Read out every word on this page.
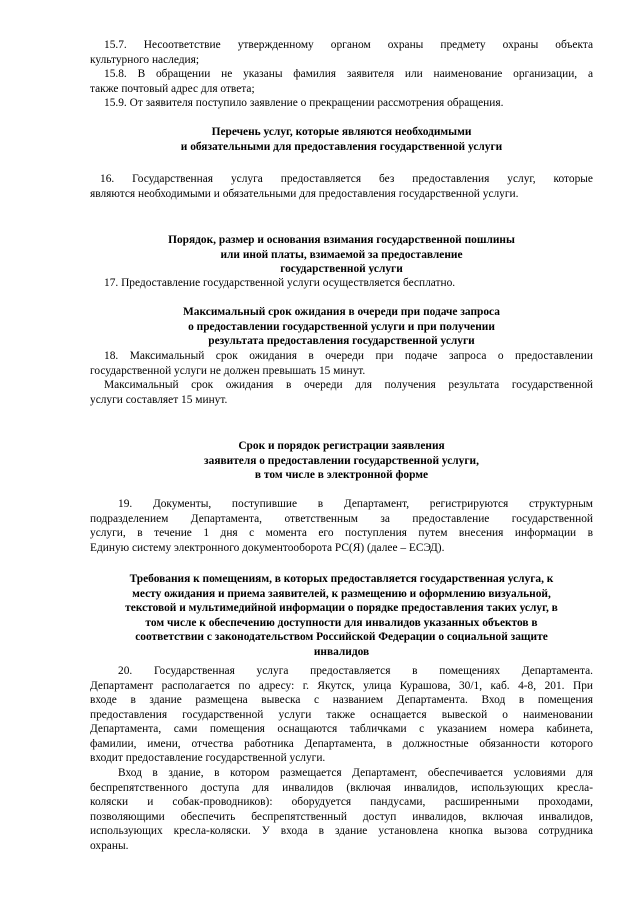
15.7. Несоответствие утвержденному органом охраны предмету охраны объекта
культурного наследия;
15.8. В обращении не указаны фамилия заявителя или наименование организации, а
также почтовый адрес для ответа;
15.9. От заявителя поступило заявление о прекращении рассмотрения обращения.
Перечень услуг, которые являются необходимыми
и обязательными для предоставления государственной услуги
16. Государственная услуга предоставляется без предоставления услуг, которые
являются необходимыми и обязательными для предоставления государственной услуги.
Порядок, размер и основания взимания государственной пошлины
или иной платы, взимаемой за предоставление
государственной услуги
17. Предоставление государственной услуги осуществляется бесплатно.
Максимальный срок ожидания в очереди при подаче запроса
о предоставлении государственной услуги и при получении
результата предоставления государственной услуги
18. Максимальный срок ожидания в очереди при подаче запроса о предоставлении
государственной услуги не должен превышать 15 минут.
Максимальный срок ожидания в очереди для получения результата государственной
услуги составляет 15 минут.
Срок и порядок регистрации заявления
заявителя о предоставлении государственной услуги,
в том числе в электронной форме
19. Документы, поступившие в Департамент, регистрируются структурным
подразделением Департамента, ответственным за предоставление государственной
услуги, в течение 1 дня с момента его поступления путем внесения информации в
Единую систему электронного документооборота РС(Я) (далее – ЕСЭД).
Требования к помещениям, в которых предоставляется государственная услуга, к
месту ожидания и приема заявителей, к размещению и оформлению визуальной,
текстовой и мультимедийной информации о порядке предоставления таких услуг, в
том числе к обеспечению доступности для инвалидов указанных объектов в
соответствии с законодательством Российской Федерации о социальной защите
инвалидов
20. Государственная услуга предоставляется в помещениях Департамента.
Департамент располагается по адресу: г. Якутск, улица Курашова, 30/1, каб. 4-8, 201. При
входе в здание размещена вывеска с названием Департамента. Вход в помещения
предоставления государственной услуги также оснащается вывеской о наименовании
Департамента, сами помещения оснащаются табличками с указанием номера кабинета,
фамилии, имени, отчества работника Департамента, в должностные обязанности которого
входит предоставление государственной услуги.
Вход в здание, в котором размещается Департамент, обеспечивается условиями для
беспрепятственного доступа для инвалидов (включая инвалидов, использующих кресла-
коляски и собак-проводников): оборудуется пандусами, расширенными проходами,
позволяющими обеспечить беспрепятственный доступ инвалидов, включая инвалидов,
использующих кресла-коляски. У входа в здание установлена кнопка вызова сотрудника
охраны.
